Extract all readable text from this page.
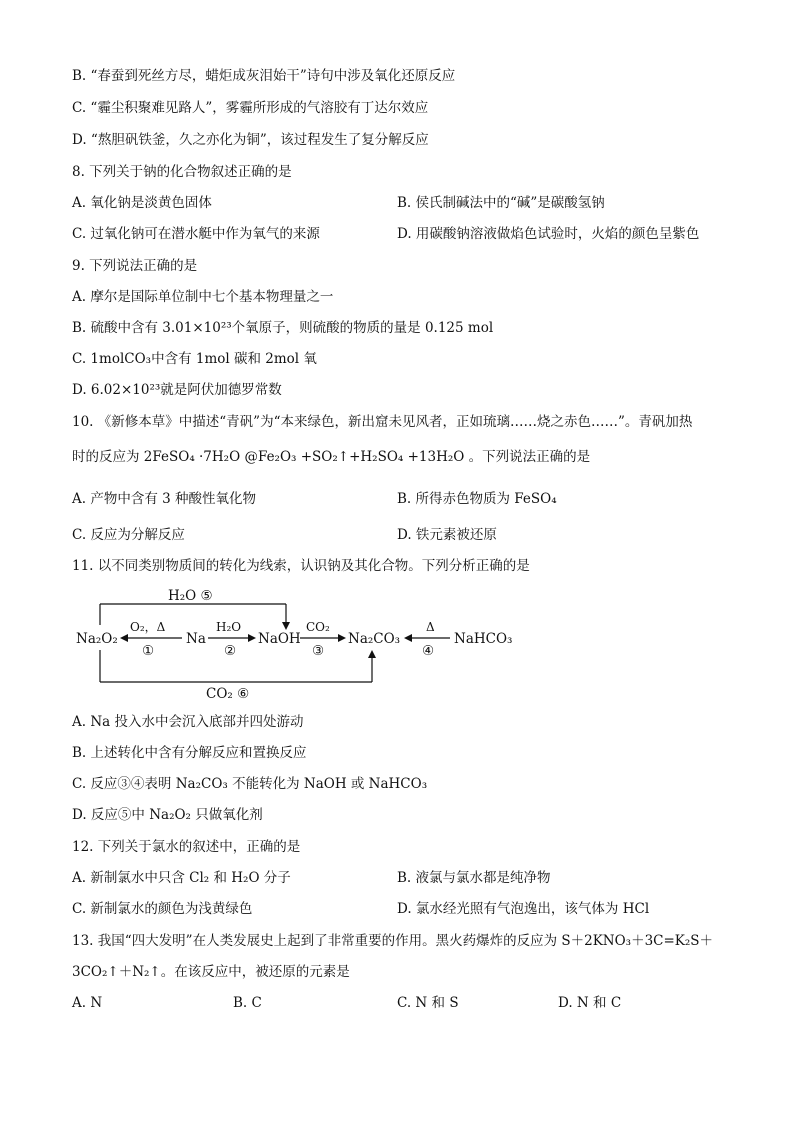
B. “春蚕到死丝方尽，蜡炬成灰泪始干”诗句中涉及氧化还原反应
C. “霾尘积聚难见路人”，雾霾所形成的气溶胶有丁达尔效应
D. “熬胆矾铁釜，久之亦化为铜”，该过程发生了复分解反应
8. 下列关于钠的化合物叙述正确的是
A. 氧化钠是淡黄色固体	B. 侯氏制碱法中的“碱”是碳酸氢钠
C. 过氧化钠可在潜水艇中作为氧气的来源	D. 用碳酸钠溶液做焰色试验时，火焰的颜色呈紫色
9. 下列说法正确的是
A. 摩尔是国际单位制中七个基本物理量之一
B. 硫酸中含有 3.01×10²³个氧原子，则硫酸的物质的量是 0.125 mol
C. 1molCO₃中含有 1mol 碳和 2mol 氧
D. 6.02×10²³就是阿伏加德罗常数
10. 《新修本草》中描述“青矾”为“本来绿色，新出窟未见风者，正如琉璃……烧之赤色……”。青矾加热
时的反应为 2FeSO₄ ·7H₂O @Fe₂O₃ +SO₂↑+H₂SO₄ +13H₂O 。下列说法正确的是
A. 产物中含有 3 种酸性氧化物	B. 所得赤色物质为 FeSO₄
C. 反应为分解反应	D. 铁元素被还原
11. 以不同类别物质间的转化为线索，认识钠及其化合物。下列分析正确的是
H₂O ⑤
Na₂O₂	Na	NaOH	Na₂CO₃	NaHCO₃
O₂，Δ
①
H₂O
②
CO₂
③
Δ
④
CO₂ ⑥
A. Na 投入水中会沉入底部并四处游动
B. 上述转化中含有分解反应和置换反应
C. 反应③④表明 Na₂CO₃ 不能转化为 NaOH 或 NaHCO₃
D. 反应⑤中 Na₂O₂ 只做氧化剂
12. 下列关于氯水的叙述中，正确的是
A. 新制氯水中只含 Cl₂ 和 H₂O 分子	B. 液氯与氯水都是纯净物
C. 新制氯水的颜色为浅黄绿色	D. 氯水经光照有气泡逸出，该气体为 HCl
13. 我国“四大发明”在人类发展史上起到了非常重要的作用。黑火药爆炸的反应为 S＋2KNO₃＋3C=K₂S＋
3CO₂↑＋N₂↑。在该反应中，被还原的元素是
A. N	B. C	C. N 和 S	D. N 和 C
